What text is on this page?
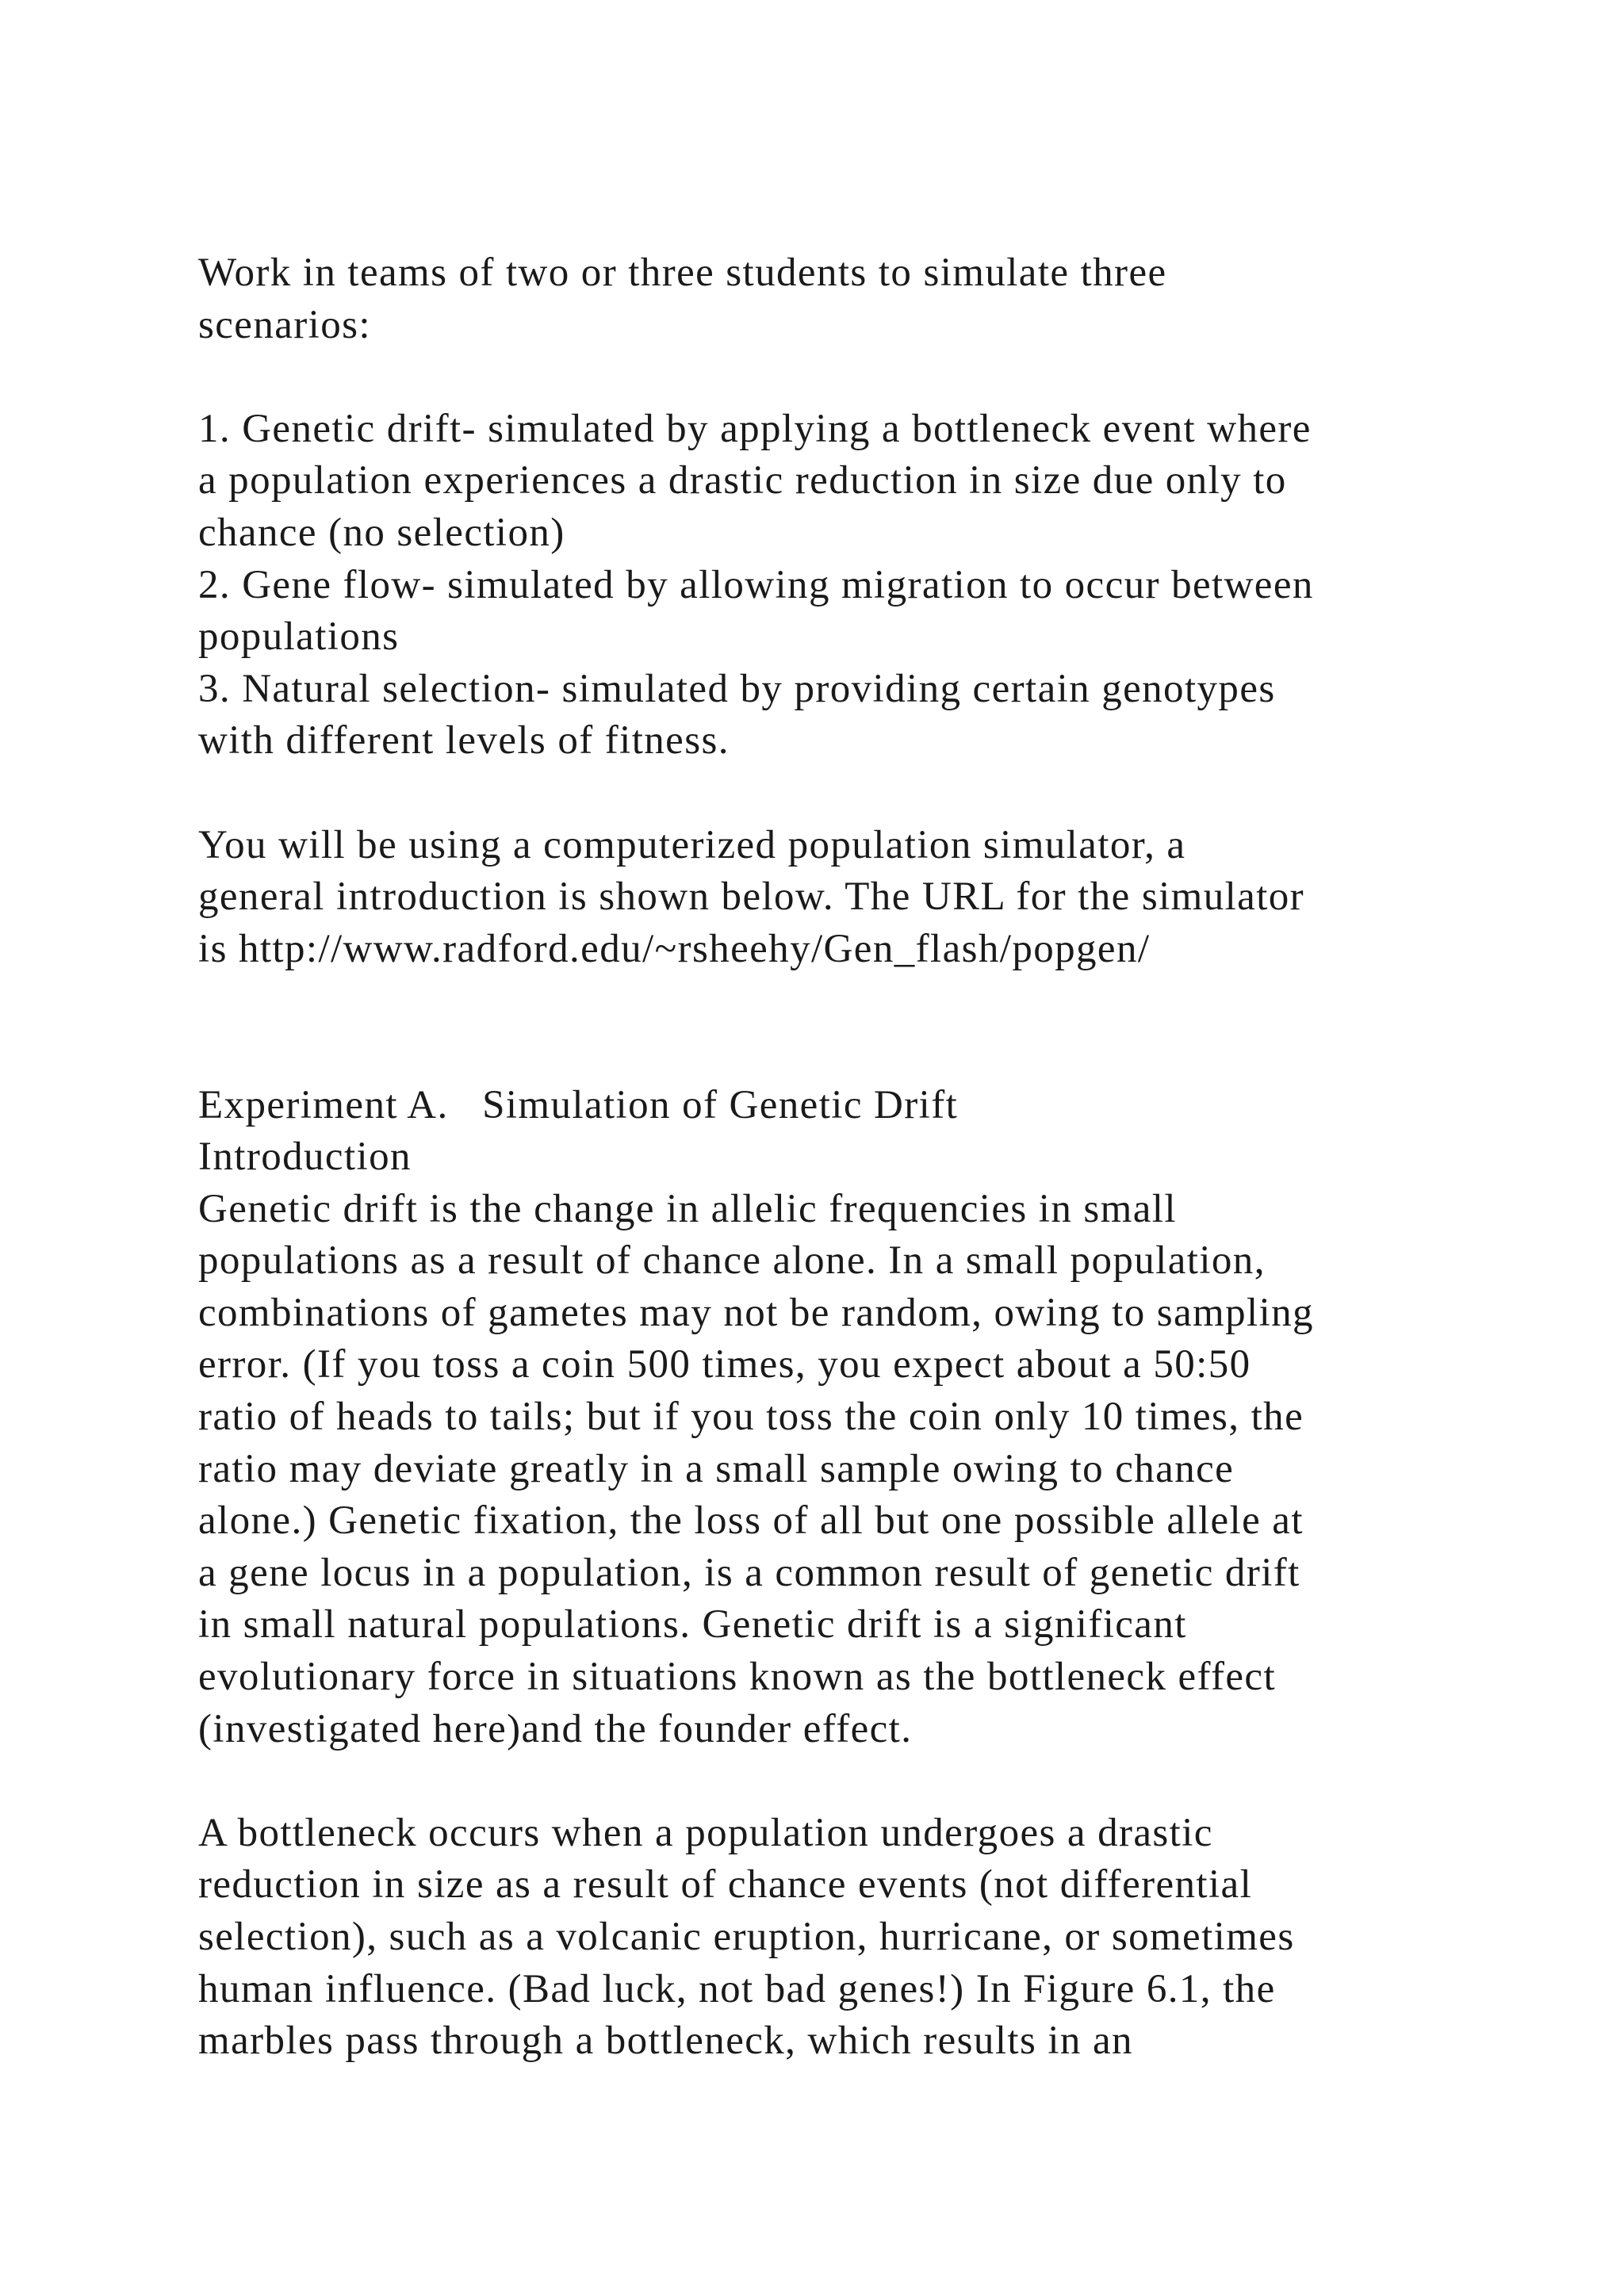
Work in teams of two or three students to simulate three
scenarios:
1. Genetic drift- simulated by applying a bottleneck event where
a population experiences a drastic reduction in size due only to
chance (no selection)
2. Gene flow- simulated by allowing migration to occur between
populations
3. Natural selection- simulated by providing certain genotypes
with different levels of fitness.
You will be using a computerized population simulator, a
general introduction is shown below. The URL for the simulator
is http://www.radford.edu/~rsheehy/Gen_flash/popgen/
Experiment A.   Simulation of Genetic Drift
Introduction
Genetic drift is the change in allelic frequencies in small
populations as a result of chance alone. In a small population,
combinations of gametes may not be random, owing to sampling
error. (If you toss a coin 500 times, you expect about a 50:50
ratio of heads to tails; but if you toss the coin only 10 times, the
ratio may deviate greatly in a small sample owing to chance
alone.) Genetic fixation, the loss of all but one possible allele at
a gene locus in a population, is a common result of genetic drift
in small natural populations. Genetic drift is a significant
evolutionary force in situations known as the bottleneck effect
(investigated here)and the founder effect.
A bottleneck occurs when a population undergoes a drastic
reduction in size as a result of chance events (not differential
selection), such as a volcanic eruption, hurricane, or sometimes
human influence. (Bad luck, not bad genes!) In Figure 6.1, the
marbles pass through a bottleneck, which results in an
